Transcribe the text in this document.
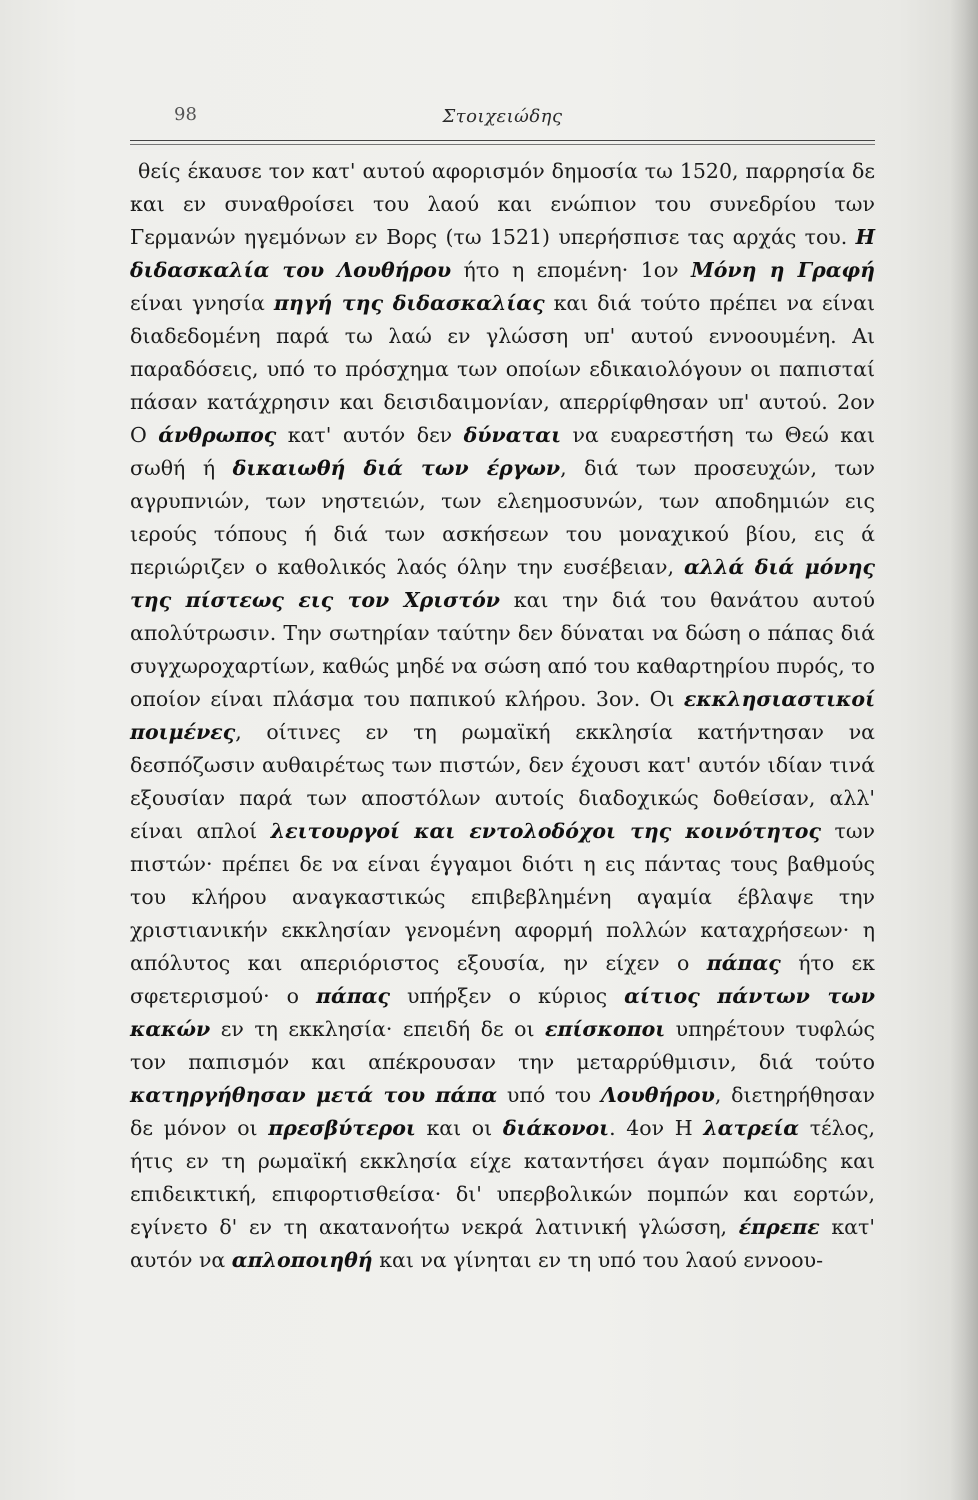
98	Στοιχειώδης
θείς έκαυσε τον κατ' αυτού αφορισμόν δημοσία τω 1520, παρρησία δε και εν συναθροίσει του λαού και ενώπιον του συνεδρίου των Γερμανών ηγεμόνων εν Βορς (τω 1521) υπερήσπισε τας αρχάς του. Η διδασκαλία του Λουθήρου ήτο η επομένη· 1ον Μόνη η Γραφή είναι γνησία πηγή της διδασκαλίας και διά τούτο πρέπει να είναι διαδεδομένη παρά τω λαώ εν γλώσση υπ' αυτού εννοουμένη. Αι παραδόσεις, υπό το πρόσχημα των οποίων εδικαιολόγουν οι παπισταί πάσαν κατάχρησιν και δεισιδαιμονίαν, απερρίφθησαν υπ' αυτού. 2ον Ο άνθρωπος κατ' αυτόν δεν δύναται να ευαρεστήση τω Θεώ και σωθή ή δικαιωθή διά των έργων, διά των προσευχών, των αγρυπνιών, των νηστειών, των ελεημοσυνών, των αποδημιών εις ιερούς τόπους ή διά των ασκήσεων του μοναχικού βίου, εις ά περιώριζεν ο καθολικός λαός όλην την ευσέβειαν, αλλά διά μόνης της πίστεως εις τον Χριστόν και την διά του θανάτου αυτού απολύτρωσιν. Την σωτηρίαν ταύτην δεν δύναται να δώση ο πάπας διά συγχωροχαρτίων, καθώς μηδέ να σώση από του καθαρτηρίου πυρός, το οποίον είναι πλάσμα του παπικού κλήρου. 3ον. Οι εκκλησιαστικοί ποιμένες, οίτινες εν τη ρωμαϊκή εκκλησία κατήντησαν να δεσπόζωσιν αυθαιρέτως των πιστών, δεν έχουσι κατ' αυτόν ιδίαν τινά εξουσίαν παρά των αποστόλων αυτοίς διαδοχικώς δοθείσαν, αλλ' είναι απλοί λειτουργοί και εντολοδόχοι της κοινότητος των πιστών· πρέπει δε να είναι έγγαμοι διότι η εις πάντας τους βαθμούς του κλήρου αναγκαστικώς επιβεβλημένη αγαμία έβλαψε την χριστιανικήν εκκλησίαν γενομένη αφορμή πολλών καταχρήσεων· η απόλυτος και απεριόριστος εξουσία, ην είχεν ο πάπας ήτο εκ σφετερισμού· ο πάπας υπήρξεν ο κύριος αίτιος πάντων των κακών εν τη εκκλησία· επειδή δε οι επίσκοποι υπηρέτουν τυφλώς τον παπισμόν και απέκρουσαν την μεταρρύθμισιν, διά τούτο κατηργήθησαν μετά του πάπα υπό του Λουθήρου, διετηρήθησαν δε μόνον οι πρεσβύτεροι και οι διάκονοι. 4ον Η λατρεία τέλος, ήτις εν τη ρωμαϊκή εκκλησία είχε καταντήσει άγαν πομπώδης και επιδεικτική, επιφορτισθείσα· δι' υπερβολικών πομπών και εορτών, εγίνετο δ' εν τη ακατανοήτω νεκρά λατινική γλώσση, έπρεπε κατ' αυτόν να απλοποιηθή και να γίνηται εν τη υπό του λαού εννοου-
